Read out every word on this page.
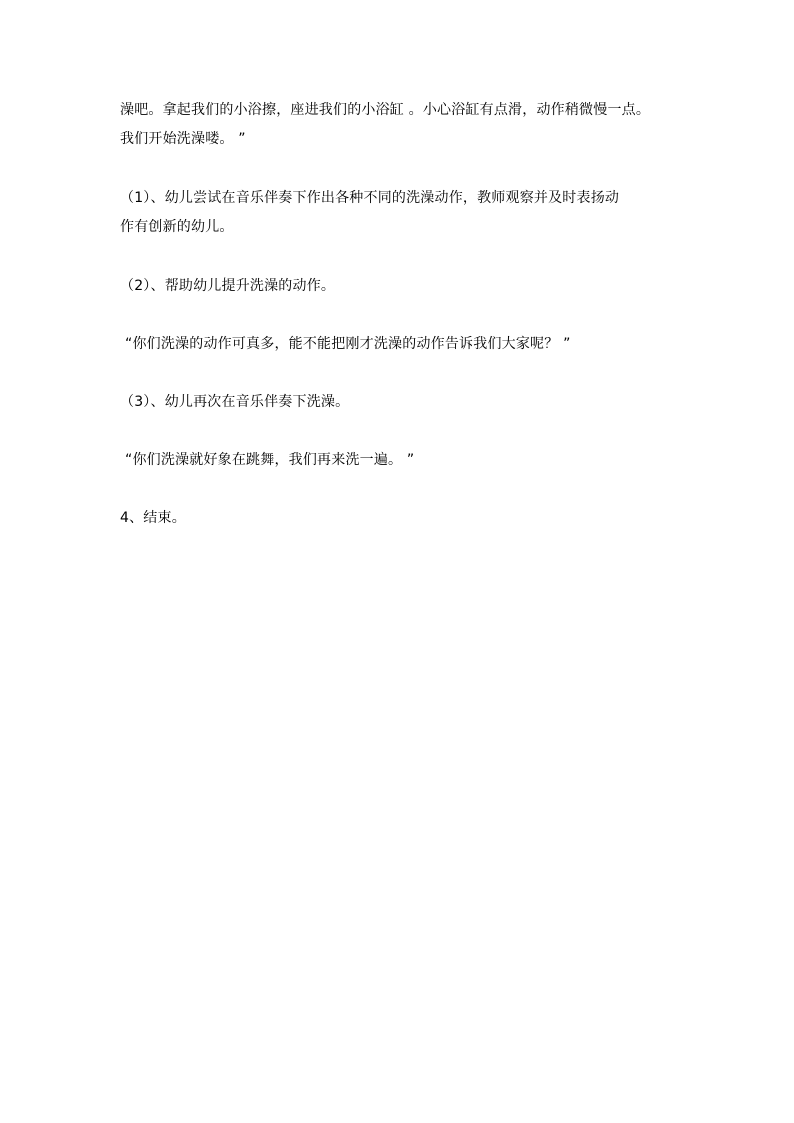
澡吧。拿起我们的小浴擦，座进我们的小浴缸 。小心浴缸有点滑，动作稍微慢一点。
我们开始洗澡喽。 ”
（1）、幼儿尝试在音乐伴奏下作出各种不同的洗澡动作，教师观察并及时表扬动
作有创新的幼儿。
（2）、帮助幼儿提升洗澡的动作。
“你们洗澡的动作可真多，能不能把刚才洗澡的动作告诉我们大家呢？ ”
（3）、幼儿再次在音乐伴奏下洗澡。
“你们洗澡就好象在跳舞，我们再来洗一遍。 ”
4、结束。
